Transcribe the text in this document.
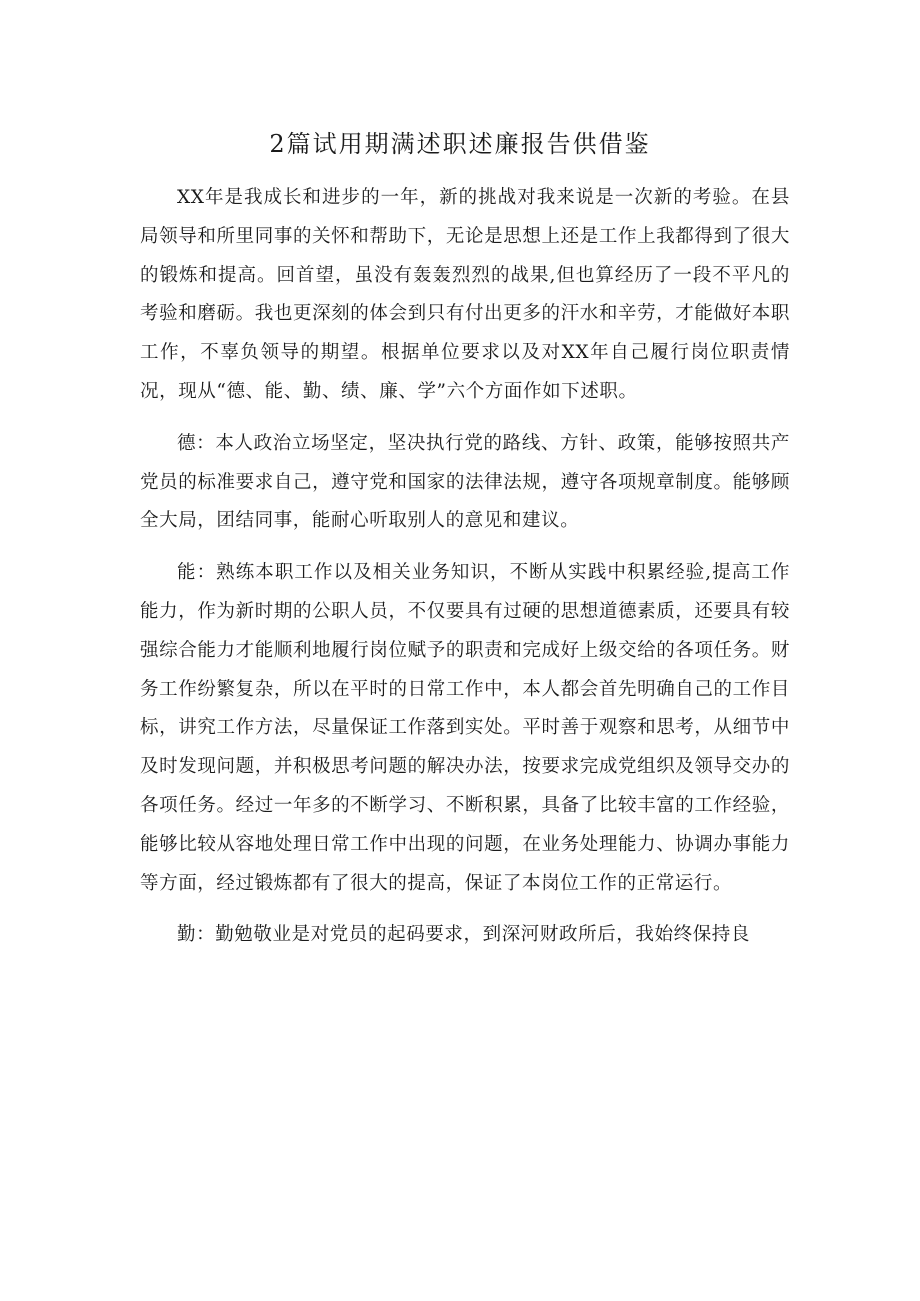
2篇试用期满述职述廉报告供借鉴

XX年是我成长和进步的一年，新的挑战对我来说是一次新的考验。在县局领导和所里同事的关怀和帮助下，无论是思想上还是工作上我都得到了很大的锻炼和提高。回首望，虽没有轰轰烈烈的战果,但也算经历了一段不平凡的考验和磨砺。我也更深刻的体会到只有付出更多的汗水和辛劳，才能做好本职工作，不辜负领导的期望。根据单位要求以及对XX年自己履行岗位职责情况，现从“德、能、勤、绩、廉、学”六个方面作如下述职。

德：本人政治立场坚定，坚决执行党的路线、方针、政策，能够按照共产党员的标准要求自己，遵守党和国家的法律法规，遵守各项规章制度。能够顾全大局，团结同事，能耐心听取别人的意见和建议。

能：熟练本职工作以及相关业务知识，不断从实践中积累经验,提高工作能力，作为新时期的公职人员，不仅要具有过硬的思想道德素质，还要具有较强综合能力才能顺利地履行岗位赋予的职责和完成好上级交给的各项任务。财务工作纷繁复杂，所以在平时的日常工作中，本人都会首先明确自己的工作目标，讲究工作方法，尽量保证工作落到实处。平时善于观察和思考，从细节中及时发现问题，并积极思考问题的解决办法，按要求完成党组织及领导交办的各项任务。经过一年多的不断学习、不断积累，具备了比较丰富的工作经验，能够比较从容地处理日常工作中出现的问题，在业务处理能力、协调办事能力等方面，经过锻炼都有了很大的提高，保证了本岗位工作的正常运行。

勤：勤勉敬业是对党员的起码要求，到深河财政所后，我始终保持良
